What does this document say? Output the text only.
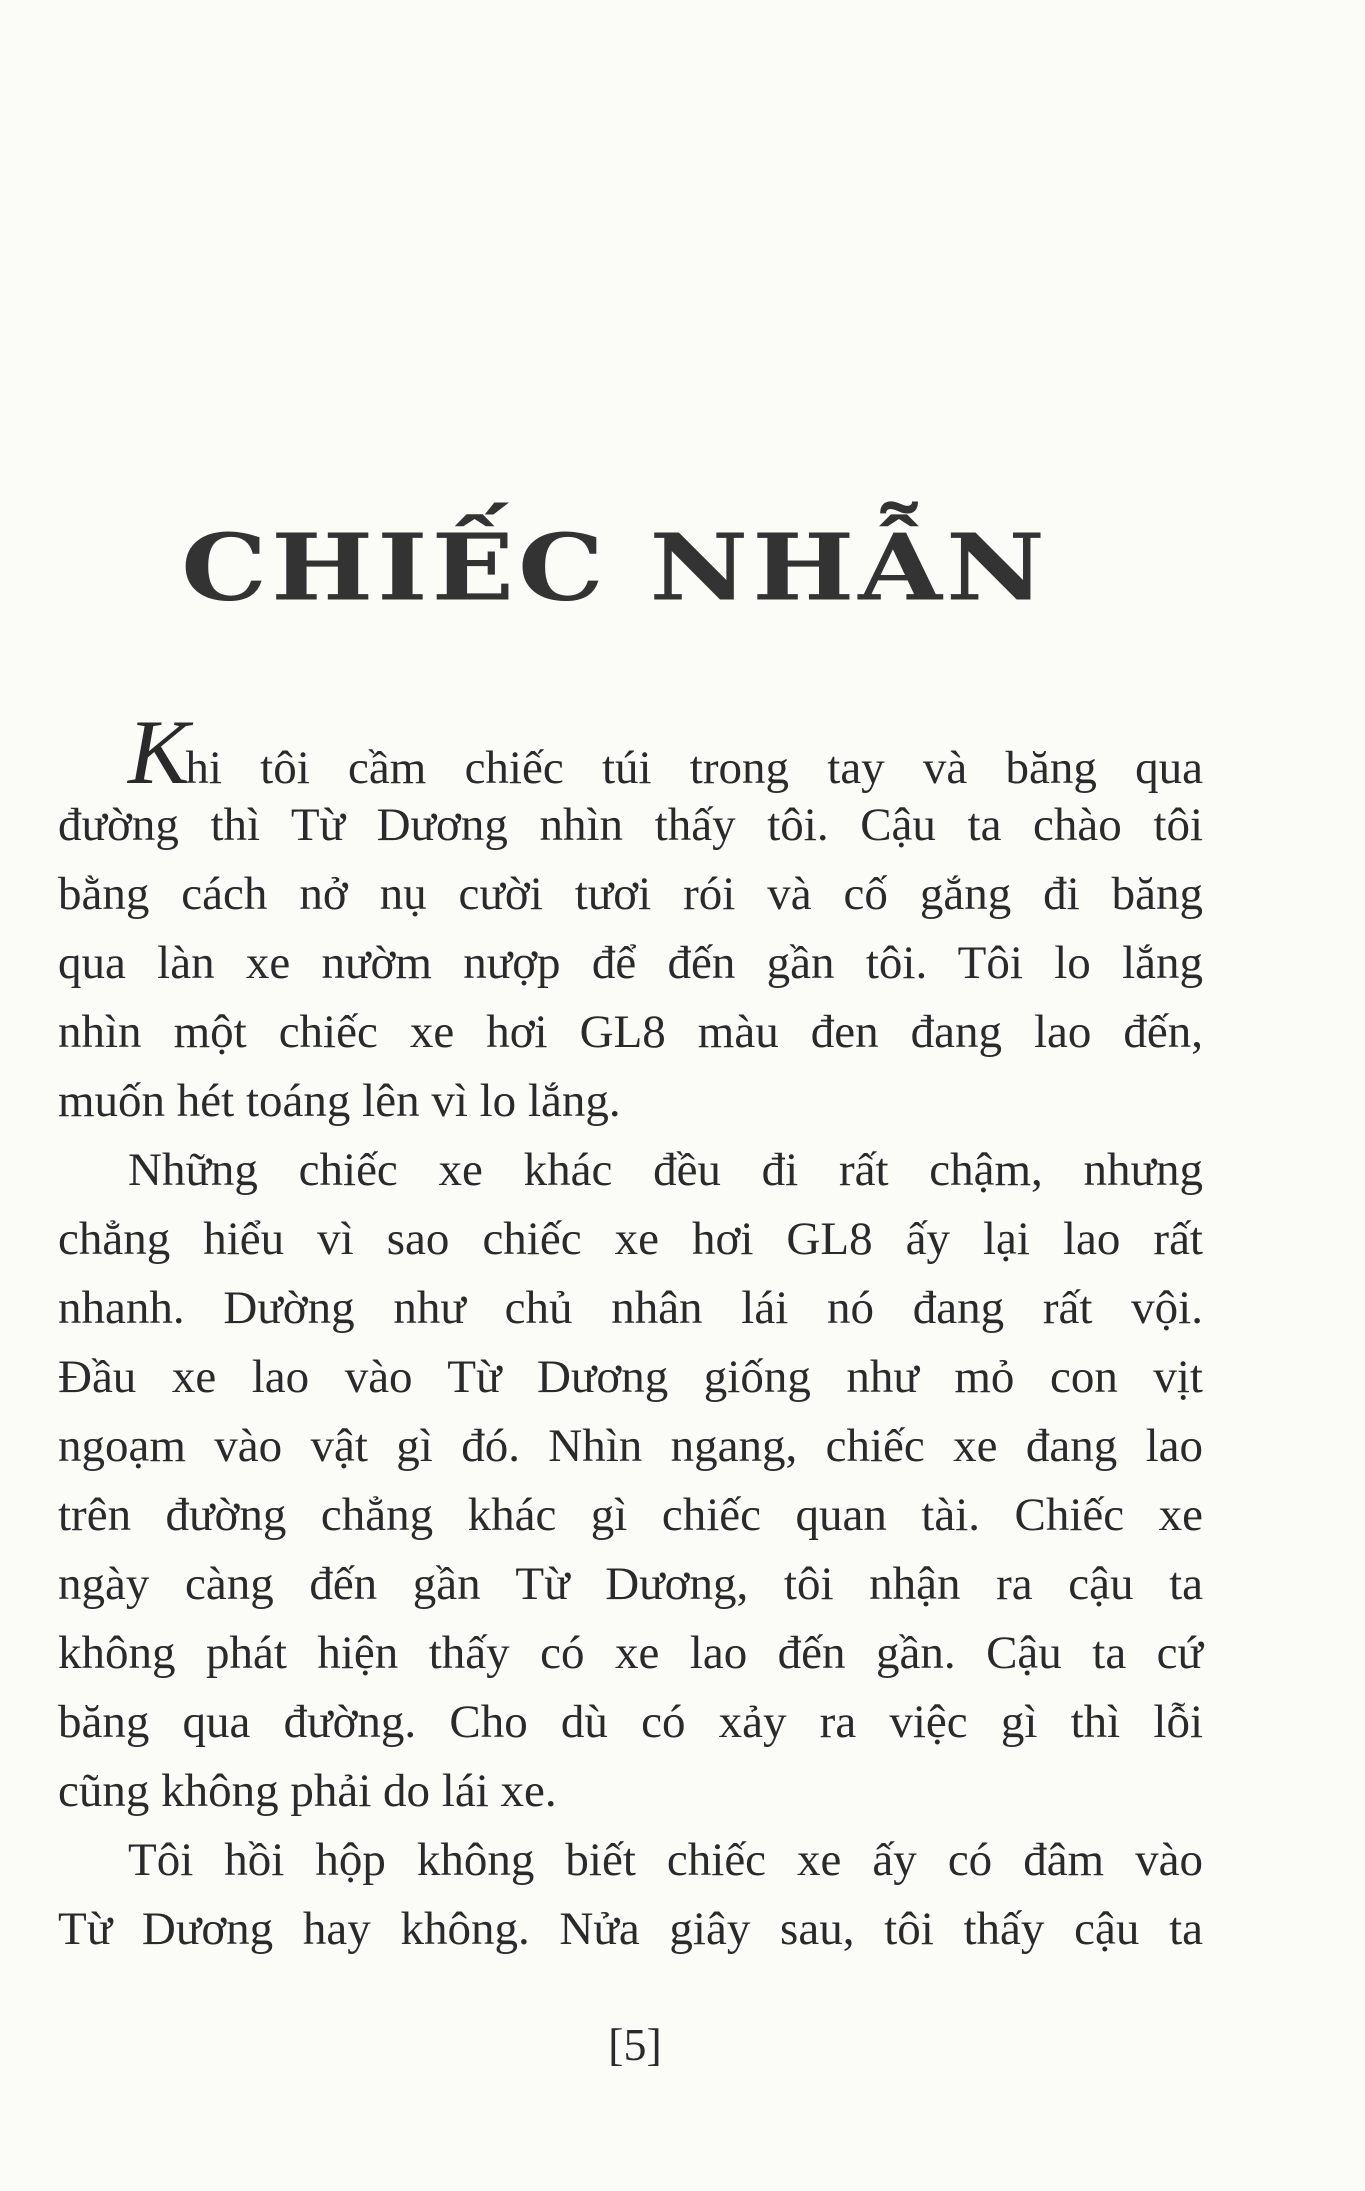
CHIẾC NHẪN
Khi tôi cầm chiếc túi trong tay và băng qua
đường thì Từ Dương nhìn thấy tôi. Cậu ta chào tôi
bằng cách nở nụ cười tươi rói và cố gắng đi băng
qua làn xe nườm nượp để đến gần tôi. Tôi lo lắng
nhìn một chiếc xe hơi GL8 màu đen đang lao đến,
muốn hét toáng lên vì lo lắng.
Những chiếc xe khác đều đi rất chậm, nhưng
chẳng hiểu vì sao chiếc xe hơi GL8 ấy lại lao rất
nhanh. Dường như chủ nhân lái nó đang rất vội.
Đầu xe lao vào Từ Dương giống như mỏ con vịt
ngoạm vào vật gì đó. Nhìn ngang, chiếc xe đang lao
trên đường chẳng khác gì chiếc quan tài. Chiếc xe
ngày càng đến gần Từ Dương, tôi nhận ra cậu ta
không phát hiện thấy có xe lao đến gần. Cậu ta cứ
băng qua đường. Cho dù có xảy ra việc gì thì lỗi
cũng không phải do lái xe.
Tôi hồi hộp không biết chiếc xe ấy có đâm vào
Từ Dương hay không. Nửa giây sau, tôi thấy cậu ta
[5]
